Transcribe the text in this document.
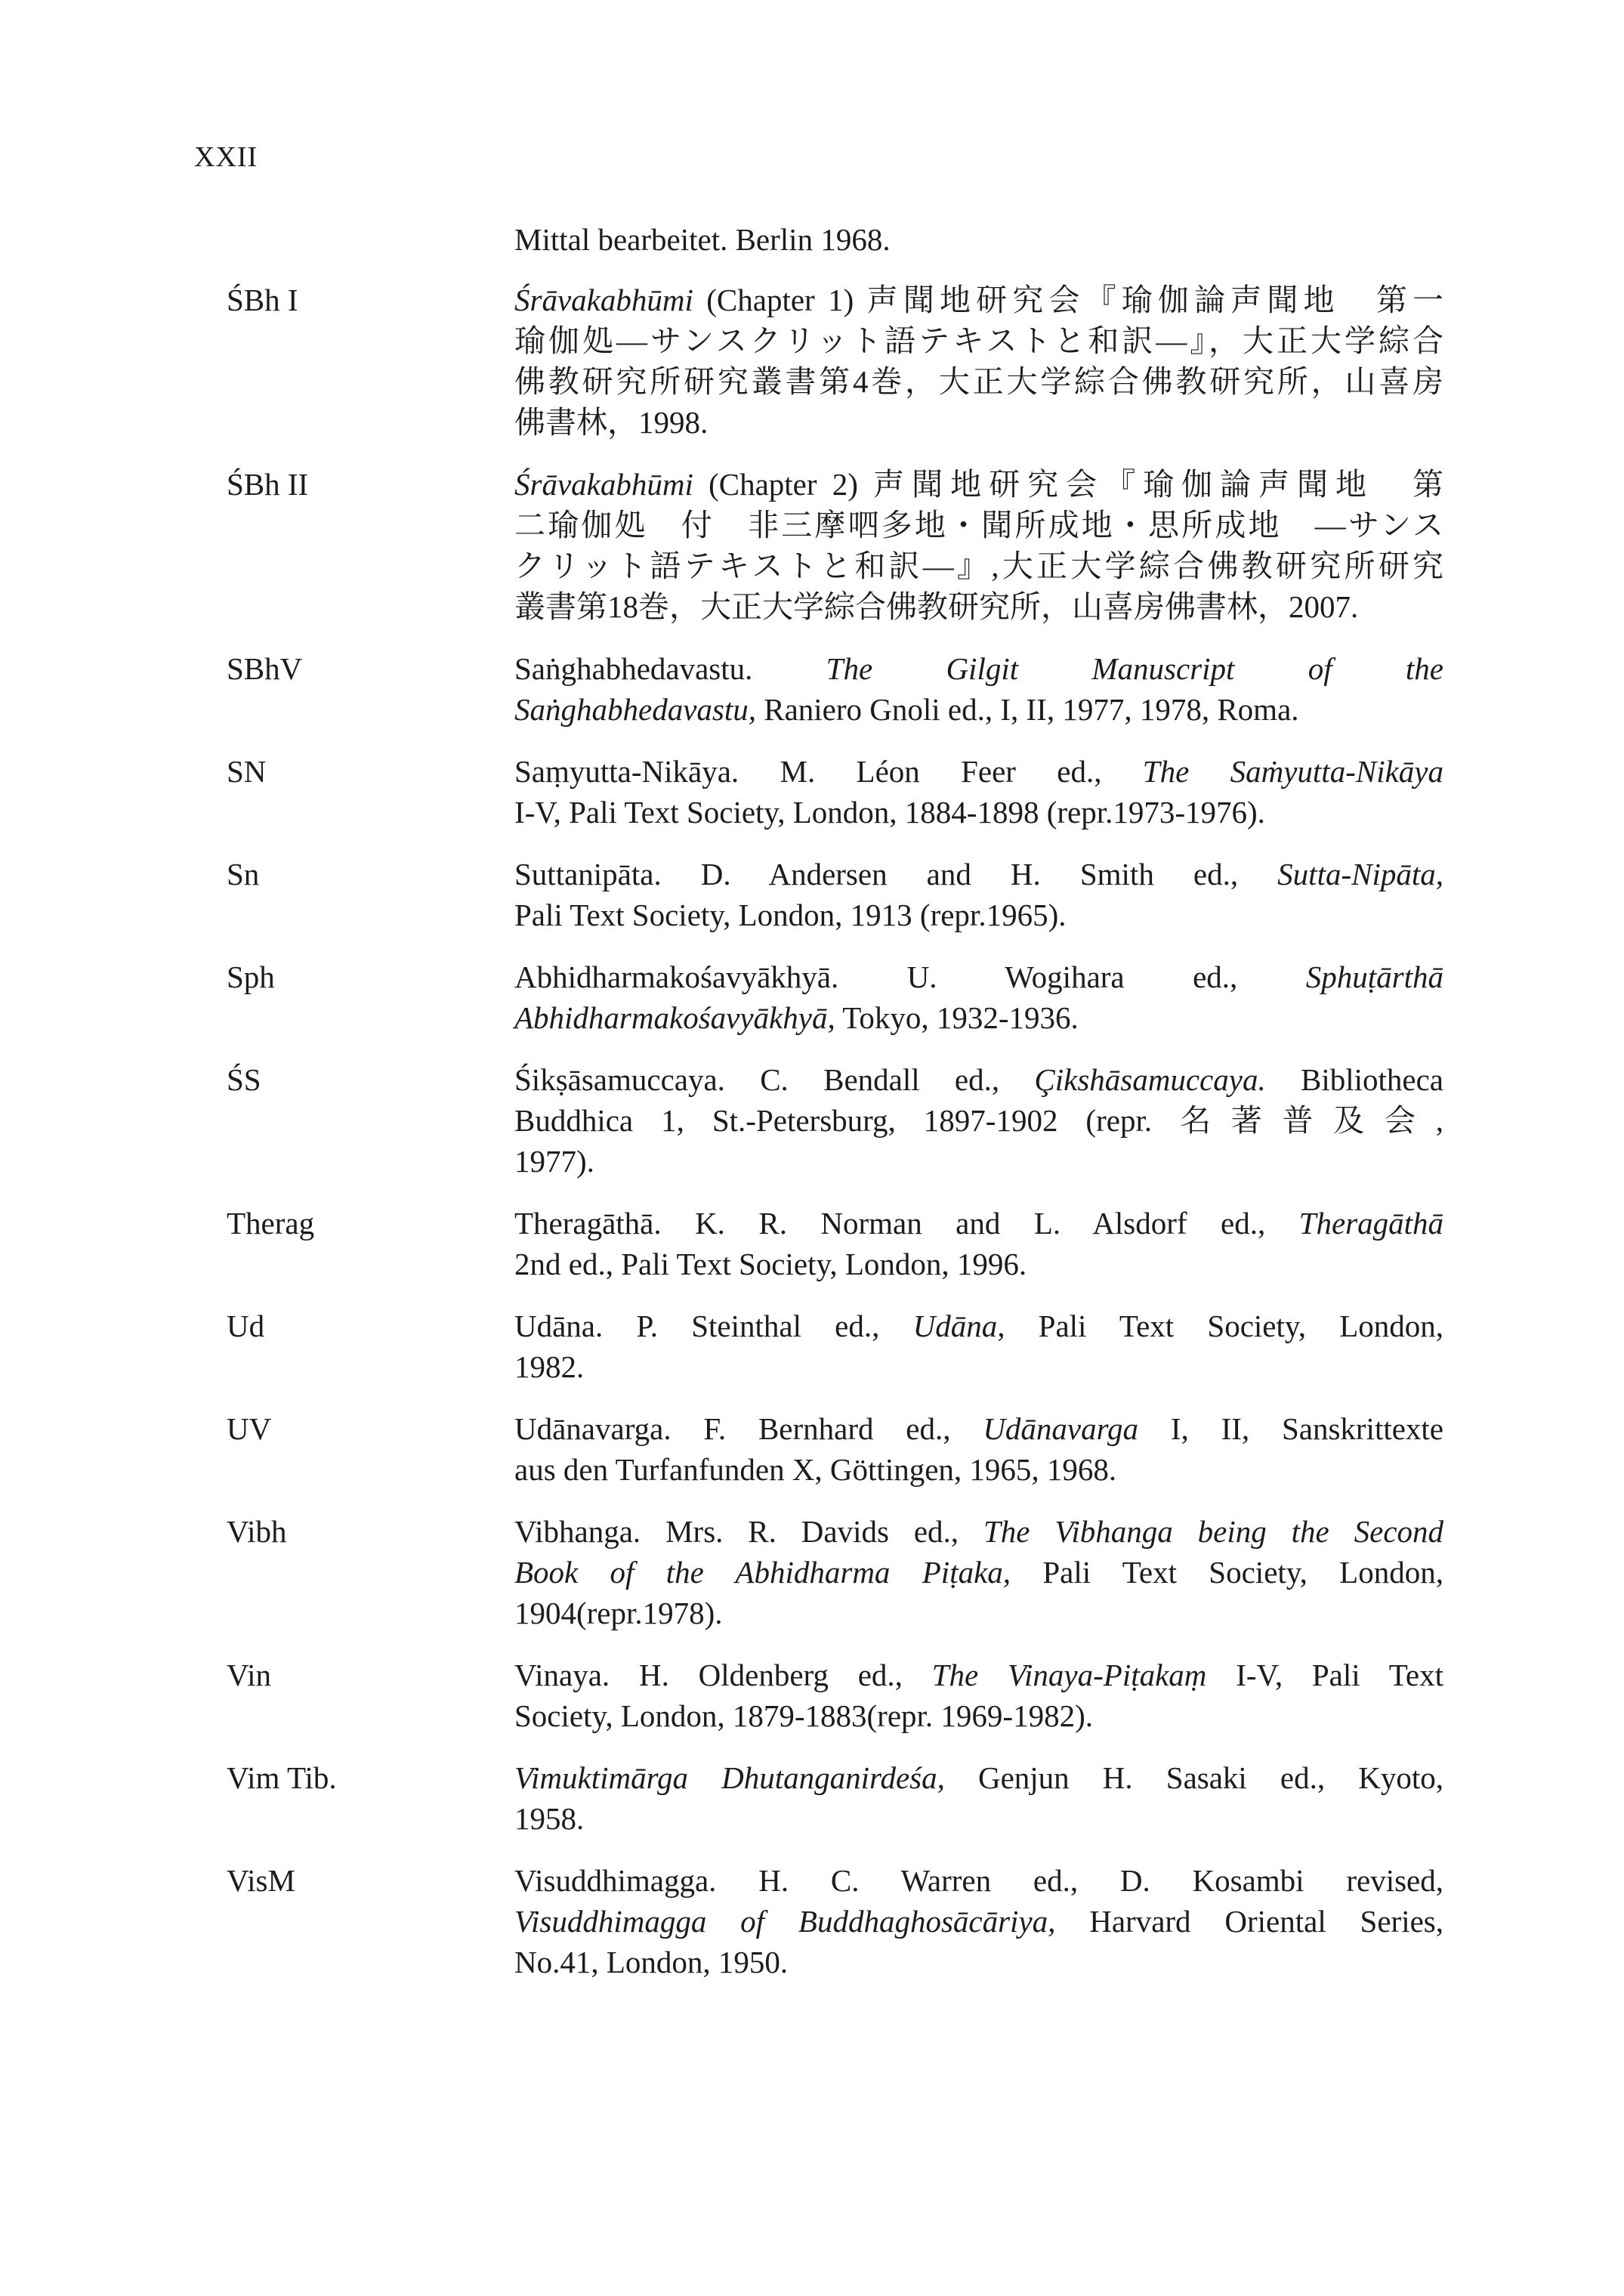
XXII
Mittal bearbeitet. Berlin 1968.
ŚBh I	Śrāvakabhūmi (Chapter 1) 声聞地研究会『瑜伽論声聞地　第一
瑜伽処—サンスクリット語テキストと和訳—』，大正大学綜合
佛教研究所研究叢書第4巻，大正大学綜合佛教研究所，山喜房
佛書林，1998.
ŚBh II	Śrāvakabhūmi (Chapter 2) 声聞地研究会『瑜伽論声聞地　第
二瑜伽処　付　非三摩呬多地・聞所成地・思所成地　—サンス
クリット語テキストと和訳—』,大正大学綜合佛教研究所研究
叢書第18巻，大正大学綜合佛教研究所，山喜房佛書林，2007.
SBhV	Saṅghabhedavastu. The Gilgit Manuscript of the
Saṅghabhedavastu, Raniero Gnoli ed., I, II, 1977, 1978, Roma.
SN	Saṃyutta-Nikāya. M. Léon Feer ed., The Saṁyutta-Nikāya
I-V, Pali Text Society, London, 1884-1898 (repr.1973-1976).
Sn	Suttanipāta. D. Andersen and H. Smith ed., Sutta-Nipāta,
Pali Text Society, London, 1913 (repr.1965).
Sph	Abhidharmakośavyākhyā. U. Wogihara ed., Sphuṭārthā
Abhidharmakośavyākhyā, Tokyo, 1932-1936.
ŚS	Śikṣāsamuccaya. C. Bendall ed., Çikshāsamuccaya. Bibliotheca
Buddhica 1, St.-Petersburg, 1897-1902 (repr. 名著普及会,
1977).
Therag	Theragāthā. K. R. Norman and L. Alsdorf ed., Theragāthā
2nd ed., Pali Text Society, London, 1996.
Ud	Udāna. P. Steinthal ed., Udāna, Pali Text Society, London,
1982.
UV	Udānavarga. F. Bernhard ed., Udānavarga I, II, Sanskrittexte
aus den Turfanfunden X, Göttingen, 1965, 1968.
Vibh	Vibhanga. Mrs. R. Davids ed., The Vibhanga being the Second
Book of the Abhidharma Piṭaka, Pali Text Society, London,
1904(repr.1978).
Vin	Vinaya. H. Oldenberg ed., The Vinaya-Piṭakaṃ I-V, Pali Text
Society, London, 1879-1883(repr. 1969-1982).
Vim Tib.	Vimuktimārga Dhutanganirdeśa, Genjun H. Sasaki ed., Kyoto,
1958.
VisM	Visuddhimagga. H. C. Warren ed., D. Kosambi revised,
Visuddhimagga of Buddhaghosācāriya, Harvard Oriental Series,
No.41, London, 1950.
